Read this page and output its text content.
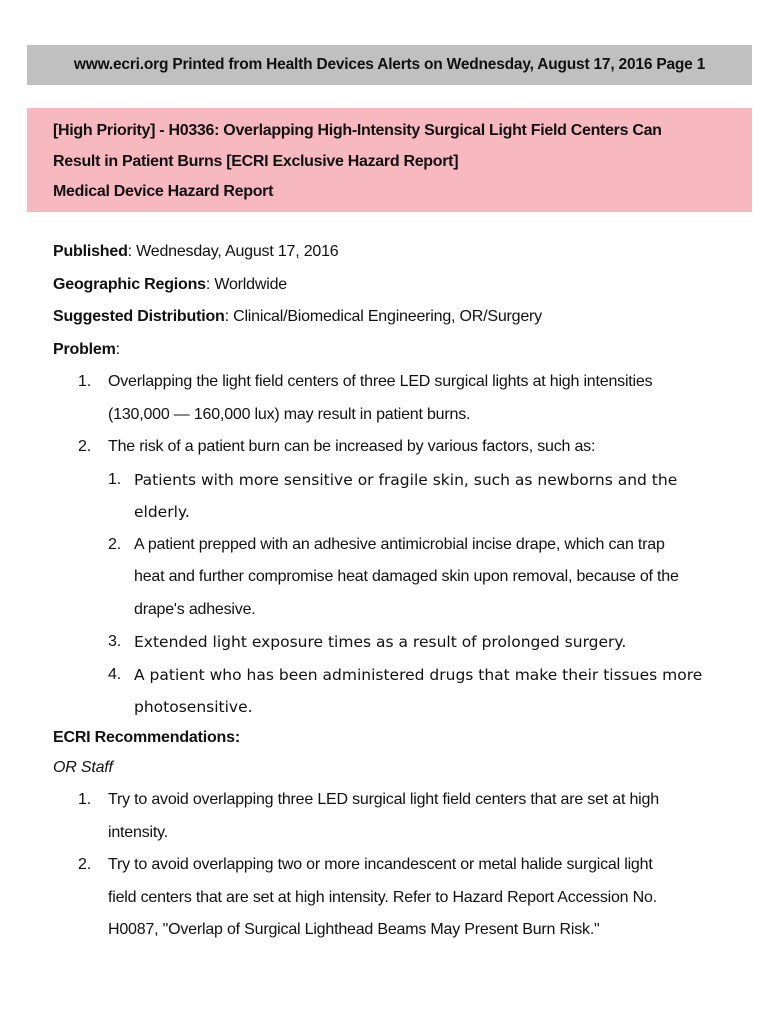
www.ecri.org Printed from Health Devices Alerts on Wednesday, August 17, 2016 Page 1
[High Priority] - H0336: Overlapping High-Intensity Surgical Light Field Centers Can
Result in Patient Burns [ECRI Exclusive Hazard Report]
Medical Device Hazard Report
Published: Wednesday, August 17, 2016
Geographic Regions: Worldwide
Suggested Distribution: Clinical/Biomedical Engineering, OR/Surgery
Problem:
1. Overlapping the light field centers of three LED surgical lights at high intensities
(130,000 — 160,000 lux) may result in patient burns.
2. The risk of a patient burn can be increased by various factors, such as:
1. Patients with more sensitive or fragile skin, such as newborns and the
elderly.
2. A patient prepped with an adhesive antimicrobial incise drape, which can trap
heat and further compromise heat damaged skin upon removal, because of the
drape's adhesive.
3. Extended light exposure times as a result of prolonged surgery.
4. A patient who has been administered drugs that make their tissues more
photosensitive.
ECRI Recommendations:
OR Staff
1. Try to avoid overlapping three LED surgical light field centers that are set at high
intensity.
2. Try to avoid overlapping two or more incandescent or metal halide surgical light
field centers that are set at high intensity. Refer to Hazard Report Accession No.
H0087, "Overlap of Surgical Lighthead Beams May Present Burn Risk."
